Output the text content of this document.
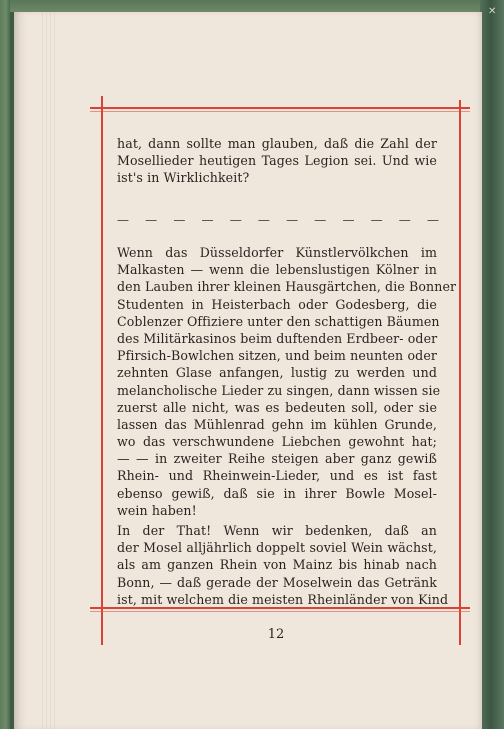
✕
hat, dann sollte man glauben, daß die Zahl der
Mosellieder heutigen Tages Legion sei. Und wie
ist's in Wirklichkeit?
— — — — — — — — — — — —
Wenn das Düsseldorfer Künstlervölkchen im
Malkasten — wenn die lebenslustigen Kölner in
den Lauben ihrer kleinen Hausgärtchen, die Bonner
Studenten in Heisterbach oder Godesberg, die
Coblenzer Offiziere unter den schattigen Bäumen
des Militärkasinos beim duftenden Erdbeer- oder
Pfirsich-Bowlchen sitzen, und beim neunten oder
zehnten Glase anfangen, lustig zu werden und
melancholische Lieder zu singen, dann wissen sie
zuerst alle nicht, was es bedeuten soll, oder sie
lassen das Mühlenrad gehn im kühlen Grunde,
wo das verschwundene Liebchen gewohnt hat;
— — in zweiter Reihe steigen aber ganz gewiß
Rhein- und Rheinwein-Lieder, und es ist fast
ebenso gewiß, daß sie in ihrer Bowle Mosel-
wein haben!
In der That! Wenn wir bedenken, daß an
der Mosel alljährlich doppelt soviel Wein wächst,
als am ganzen Rhein von Mainz bis hinab nach
Bonn, — daß gerade der Moselwein das Getränk
ist, mit welchem die meisten Rheinländer von Kind
12
